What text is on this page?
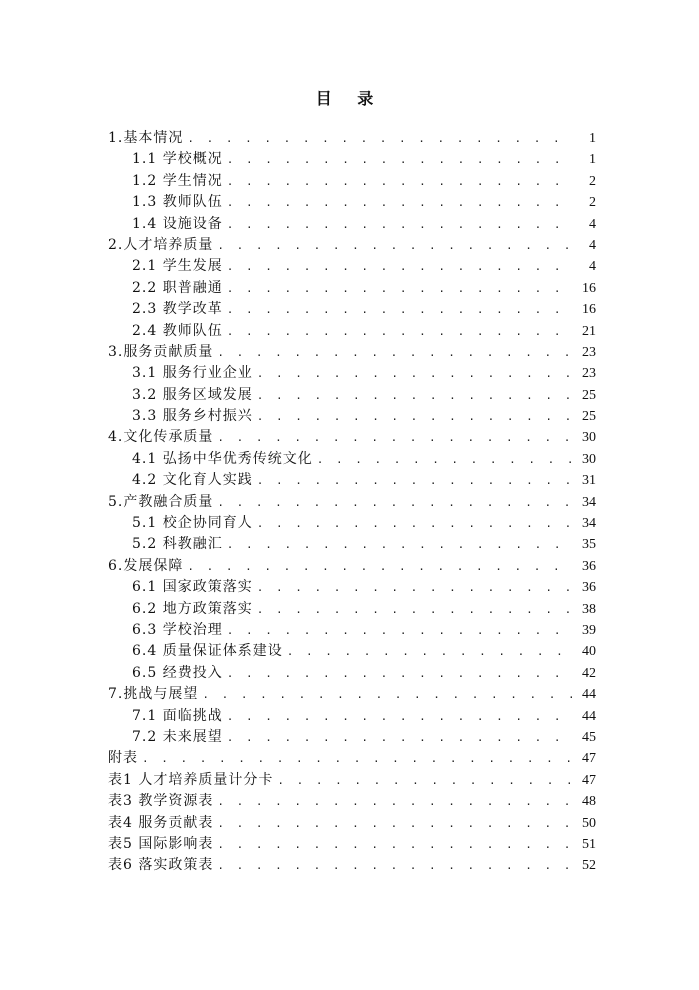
目 录
1.基本情况 . . .	1
1.1 学校概况 . . .	1
1.2 学生情况 . . .	2
1.3 教师队伍 . . .	2
1.4 设施设备 . . .	4
2.人才培养质量 . . .	4
2.1 学生发展 . . .	4
2.2 职普融通 . . .	16
2.3 教学改革 . . .	16
2.4 教师队伍 . . .	21
3.服务贡献质量 . . .	23
3.1 服务行业企业 . . .	23
3.2 服务区域发展 . . .	25
3.3 服务乡村振兴 . . .	25
4.文化传承质量 . . .	30
4.1 弘扬中华优秀传统文化 . . .	30
4.2 文化育人实践 . . .	31
5.产教融合质量 . . .	34
5.1 校企协同育人 . . .	34
5.2 科教融汇 . . .	35
6.发展保障 . . .	36
6.1 国家政策落实 . . .	36
6.2 地方政策落实 . . .	38
6.3 学校治理 . . .	39
6.4 质量保证体系建设 . . .	40
6.5 经费投入 . . .	42
7.挑战与展望 . . .	44
7.1 面临挑战 . . .	44
7.2 未来展望 . . .	45
附表 . . .	47
表1 人才培养质量计分卡 . . .	47
表3 教学资源表 . . .	48
表4 服务贡献表 . . .	50
表5 国际影响表 . . .	51
表6 落实政策表 . . .	52
